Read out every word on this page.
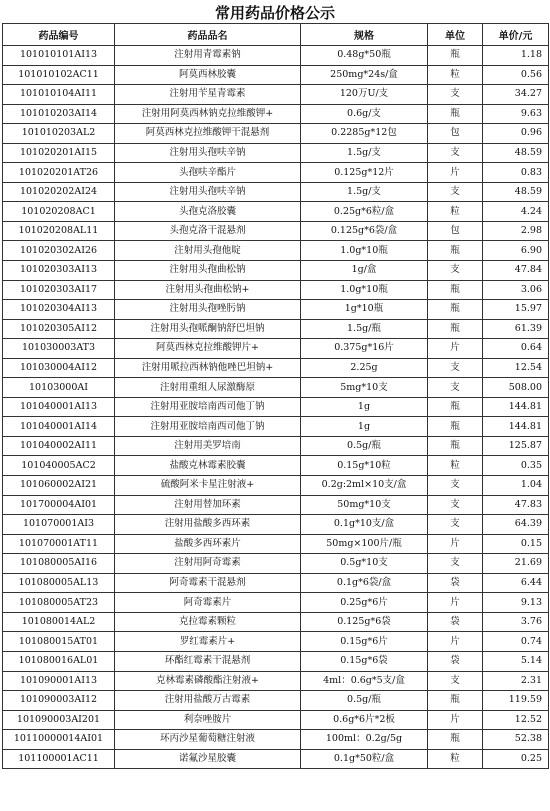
常用药品价格公示
药品编号	药品品名	规格	单位	单价/元
101010101AI13	注射用青霉素钠	0.48g*50瓶	瓶	1.18
101010102AC11	阿莫西林胶囊	250mg*24s/盒	粒	0.56
101010104AI11	注射用苄星青霉素	120万U/支	支	34.27
101010203AI14	注射用阿莫西林钠克拉维酸钾+	0.6g/支	瓶	9.63
101010203AL2	阿莫西林克拉维酸钾干混悬剂	0.2285g*12包	包	0.96
101020201AI15	注射用头孢呋辛钠	1.5g/支	支	48.59
101020201AT26	头孢呋辛酯片	0.125g*12片	片	0.83
101020202AI24	注射用头孢呋辛钠	1.5g/支	支	48.59
101020208AC1	头孢克洛胶囊	0.25g*6粒/盒	粒	4.24
101020208AL11	头孢克洛干混悬剂	0.125g*6袋/盒	包	2.98
101020302AI26	注射用头孢他啶	1.0g*10瓶	瓶	6.90
101020303AI13	注射用头孢曲松钠	1g/盒	支	47.84
101020303AI17	注射用头孢曲松钠+	1.0g*10瓶	瓶	3.06
101020304AI13	注射用头孢唑肟钠	1g*10瓶	瓶	15.97
101020305AI12	注射用头孢哌酮钠舒巴坦钠	1.5g/瓶	瓶	61.39
101030003AT3	阿莫西林克拉维酸钾片+	0.375g*16片	片	0.64
101030004AI12	注射用哌拉西林钠他唑巴坦钠+	2.25g	支	12.54
10103000AI	注射用重组人尿激酶原	5mg*10支	支	508.00
101040001AI13	注射用亚胺培南西司他丁钠	1g	瓶	144.81
101040001AI14	注射用亚胺培南西司他丁钠	1g	瓶	144.81
101040002AI11	注射用美罗培南	0.5g/瓶	瓶	125.87
101040005AC2	盐酸克林霉素胶囊	0.15g*10粒	粒	0.35
101060002AI21	硫酸阿米卡星注射液+	0.2g:2ml×10支/盒	支	1.04
101700004AI01	注射用替加环素	50mg*10支	支	47.83
101070001AI3	注射用盐酸多西环素	0.1g*10支/盒	支	64.39
101070001AT11	盐酸多西环素片	50mg×100片/瓶	片	0.15
101080005AI16	注射用阿奇霉素	0.5g*10支	支	21.69
101080005AL13	阿奇霉素干混悬剂	0.1g*6袋/盒	袋	6.44
101080005AT23	阿奇霉素片	0.25g*6片	片	9.13
101080014AL2	克拉霉素颗粒	0.125g*6袋	袋	3.76
101080015AT01	罗红霉素片+	0.15g*6片	片	0.74
101080016AL01	环酯红霉素干混悬剂	0.15g*6袋	袋	5.14
101090001AI13	克林霉素磷酸酯注射液+	4ml：0.6g*5支/盒	支	2.31
101090003AI12	注射用盐酸万古霉素	0.5g/瓶	瓶	119.59
101090003AI201	利奈唑胺片	0.6g*6片*2板	片	12.52
10110000014AI01	环丙沙星葡萄糖注射液	100ml：0.2g/5g	瓶	52.38
101100001AC11	诺氟沙星胶囊	0.1g*50粒/盒	粒	0.25
